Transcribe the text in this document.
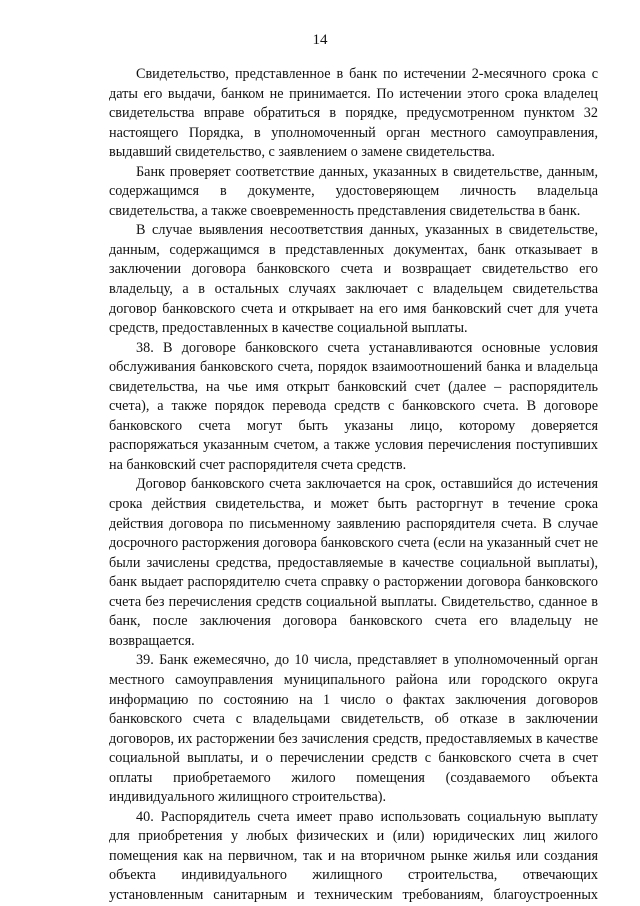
14

Свидетельство, представленное в банк по истечении 2-месячного срока с даты его выдачи, банком не принимается. По истечении этого срока владелец свидетельства вправе обратиться в порядке, предусмотренном пунктом 32 настоящего Порядка, в уполномоченный орган местного самоуправления, выдавший свидетельство, с заявлением о замене свидетельства.

Банк проверяет соответствие данных, указанных в свидетельстве, данным, содержащимся в документе, удостоверяющем личность владельца свидетельства, а также своевременность представления свидетельства в банк.

В случае выявления несоответствия данных, указанных в свидетельстве, данным, содержащимся в представленных документах, банк отказывает в заключении договора банковского счета и возвращает свидетельство его владельцу, а в остальных случаях заключает с владельцем свидетельства договор банковского счета и открывает на его имя банковский счет для учета средств, предоставленных в качестве социальной выплаты.

38. В договоре банковского счета устанавливаются основные условия обслуживания банковского счета, порядок взаимоотношений банка и владельца свидетельства, на чье имя открыт банковский счет (далее – распорядитель счета), а также порядок перевода средств с банковского счета. В договоре банковского счета могут быть указаны лицо, которому доверяется распоряжаться указанным счетом, а также условия перечисления поступивших на банковский счет распорядителя счета средств.

Договор банковского счета заключается на срок, оставшийся до истечения срока действия свидетельства, и может быть расторгнут в течение срока действия договора по письменному заявлению распорядителя счета. В случае досрочного расторжения договора банковского счета (если на указанный счет не были зачислены средства, предоставляемые в качестве социальной выплаты), банк выдает распорядителю счета справку о расторжении договора банковского счета без перечисления средств социальной выплаты. Свидетельство, сданное в банк, после заключения договора банковского счета его владельцу не возвращается.

39. Банк ежемесячно, до 10 числа, представляет в уполномоченный орган местного самоуправления муниципального района или городского округа информацию по состоянию на 1 число о фактах заключения договоров банковского счета с владельцами свидетельств, об отказе в заключении договоров, их расторжении без зачисления средств, предоставляемых в качестве социальной выплаты, и о перечислении средств с банковского счета в счет оплаты приобретаемого жилого помещения (создаваемого объекта индивидуального жилищного строительства).

40. Распорядитель счета имеет право использовать социальную выплату для приобретения у любых физических и (или) юридических лиц жилого помещения как на первичном, так и на вторичном рынке жилья или создания объекта индивидуального жилищного строительства, отвечающих установленным санитарным и техническим требованиям, благоустроенных
